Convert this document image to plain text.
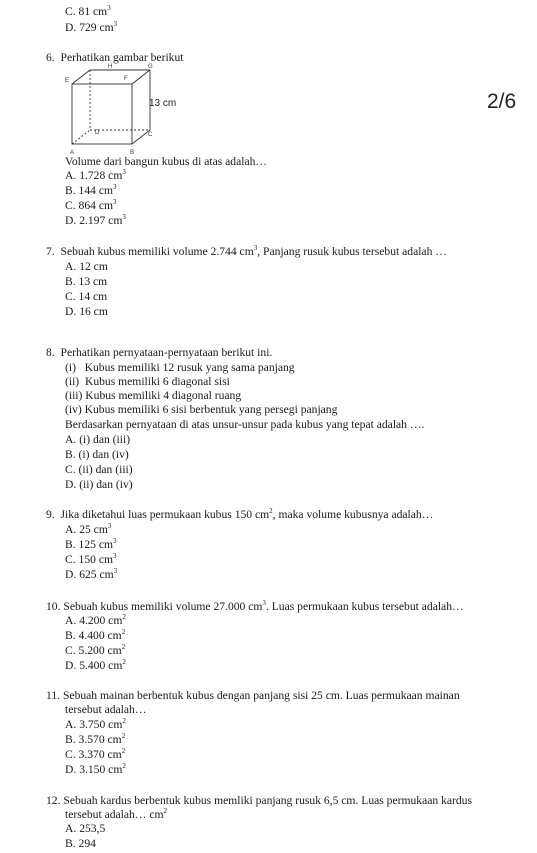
2/6
C. 81 $cm^3$
D. 729 $cm^3$
6. Perhatikan gambar berikut
H	G
E	F
D	C
A	B
13 cm
Volume dari bangun kubus di atas adalah…
A. 1.728 $cm^3$
B. 144 $cm^3$
C. 864 $cm^3$
D. 2.197 $cm^3$
7. Sebuah kubus memiliki volume 2.744 $cm^3$, Panjang rusuk kubus tersebut adalah …
A. 12 cm
B. 13 cm
C. 14 cm
D. 16 cm
8. Perhatikan pernyataan-pernyataan berikut ini.
(i)   Kubus memiliki 12 rusuk yang sama panjang
(ii)  Kubus memiliki 6 diagonal sisi
(iii) Kubus memiliki 4 diagonal ruang
(iv) Kubus memiliki 6 sisi berbentuk yang persegi panjang
Berdasarkan pernyataan di atas unsur-unsur pada kubus yang tepat adalah ….
A. (i) dan (iii)
B. (i) dan (iv)
C. (ii) dan (iii)
D. (ii) dan (iv)
9. Jika diketahui luas permukaan kubus 150 $cm^2$, maka volume kubusnya adalah…
A. 25 $cm^3$
B. 125 $cm^3$
C. 150 $cm^3$
D. 625 $cm^3$
10. Sebuah kubus memiliki volume 27.000 $cm^3$. Luas permukaan kubus tersebut adalah…
A. 4.200 $cm^2$
B. 4.400 $cm^2$
C. 5.200 $cm^2$
D. 5.400 $cm^2$
11. Sebuah mainan berbentuk kubus dengan panjang sisi 25 cm. Luas permukaan mainan
tersebut adalah…
A. 3.750 $cm^2$
B. 3.570 $cm^2$
C. 3.370 $cm^2$
D. 3.150 $cm^2$
12. Sebuah kardus berbentuk kubus memliki panjang rusuk 6,5 cm. Luas permukaan kardus
tersebut adalah… $cm^2$
A. 253,5
B. 294
